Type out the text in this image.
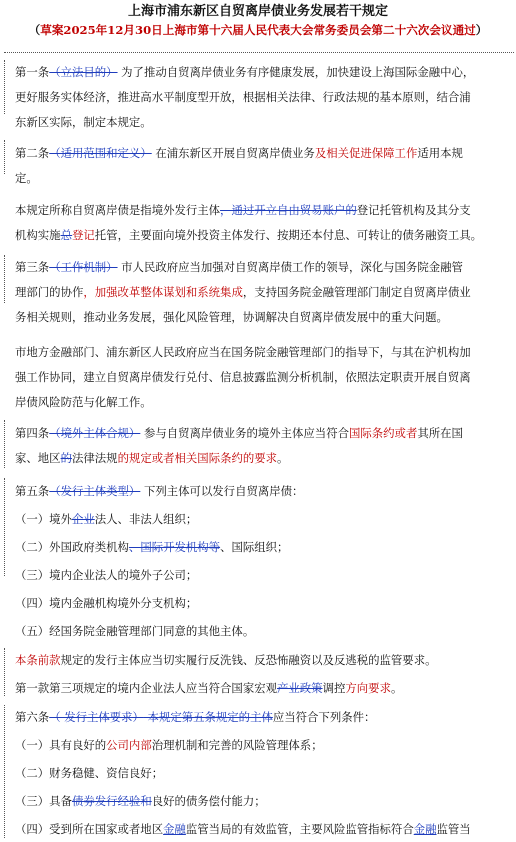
上海市浦东新区自贸离岸债业务发展若干规定
（草案2025年12月30日上海市第十六届人民代表大会常务委员会第二十六次会议通过）
第一条（立法目的） 为了推动自贸离岸债业务有序健康发展，加快建设上海国际金融中心，
更好服务实体经济，推进高水平制度型开放，根据相关法律、行政法规的基本原则，结合浦
东新区实际，制定本规定。
第二条（适用范围和定义） 在浦东新区开展自贸离岸债业务及相关促进保障工作适用本规
定。
本规定所称自贸离岸债是指境外发行主体，通过开立自由贸易账户的登记托管机构及其分支
机构实施总登记托管，主要面向境外投资主体发行、按期还本付息、可转让的债务融资工具。
第三条（工作机制） 市人民政府应当加强对自贸离岸债工作的领导，深化与国务院金融管
理部门的协作，加强改革整体谋划和系统集成，支持国务院金融管理部门制定自贸离岸债业
务相关规则，推动业务发展，强化风险管理，协调解决自贸离岸债发展中的重大问题。
市地方金融部门、浦东新区人民政府应当在国务院金融管理部门的指导下，与其在沪机构加
强工作协同，建立自贸离岸债发行兑付、信息披露监测分析机制，依照法定职责开展自贸离
岸债风险防范与化解工作。
第四条（境外主体合规） 参与自贸离岸债业务的境外主体应当符合国际条约或者其所在国
家、地区的法律法规的规定或者相关国际条约的要求。
第五条（发行主体类型） 下列主体可以发行自贸离岸债：
（一）境外企业法人、非法人组织；
（二）外国政府类机构、国际开发机构等、国际组织；
（三）境内企业法人的境外子公司；
（四）境内金融机构境外分支机构；
（五）经国务院金融管理部门同意的其他主体。
本条前款规定的发行主体应当切实履行反洗钱、反恐怖融资以及反逃税的监管要求。
第一款第三项规定的境内企业法人应当符合国家宏观产业政策调控方向要求。
第六条（ 发行主体要求） 本规定第五条规定的主体应当符合下列条件：
（一）具有良好的公司内部治理机制和完善的风险管理体系；
（二）财务稳健、资信良好；
（三）具备债券发行经验和良好的债务偿付能力；
（四）受到所在国家或者地区金融监管当局的有效监管，主要风险监管指标符合金融监管当
